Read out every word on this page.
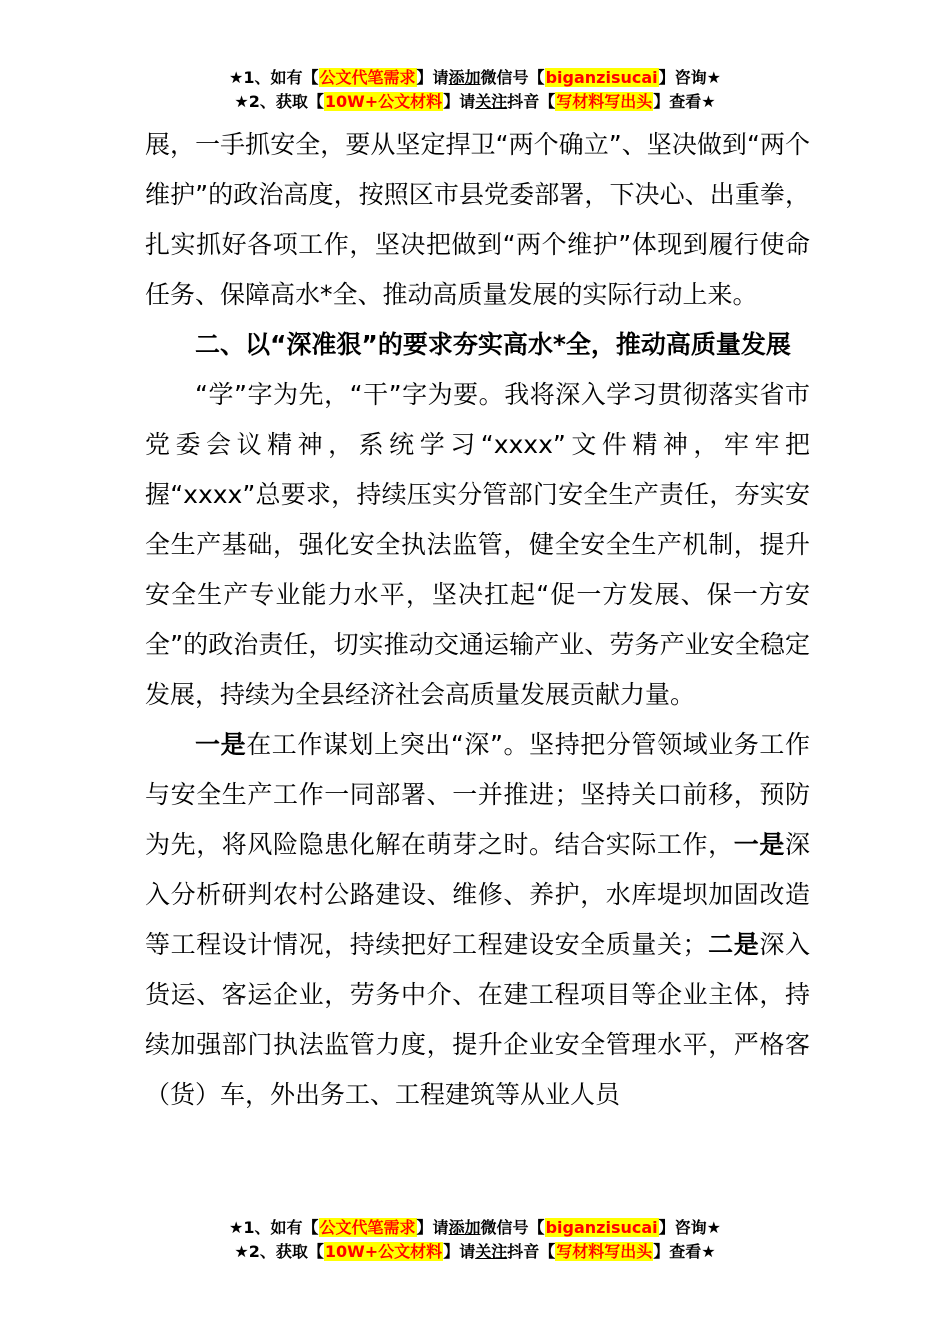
★1、如有【公文代笔需求】请添加微信号【biganzisucai】咨询★
★2、获取【10W+公文材料】请关注抖音【写材料写出头】查看★

展，一手抓安全，要从坚定捍卫“两个确立”、坚决做到“两个维护”的政治高度，按照区市县党委部署，下决心、出重拳，扎实抓好各项工作，坚决把做到“两个维护”体现到履行使命任务、保障高水*全、推动高质量发展的实际行动上来。

二、以“深准狠”的要求夯实高水*全，推动高质量发展

“学”字为先，“干”字为要。我将深入学习贯彻落实省市党委会议精神，系统学习“xxxx”文件精神，牢牢把握“xxxx”总要求，持续压实分管部门安全生产责任，夯实安全生产基础，强化安全执法监管，健全安全生产机制，提升安全生产专业能力水平，坚决扛起“促一方发展、保一方安全”的政治责任，切实推动交通运输产业、劳务产业安全稳定发展，持续为全县经济社会高质量发展贡献力量。

一是在工作谋划上突出“深”。坚持把分管领域业务工作与安全生产工作一同部署、一并推进；坚持关口前移，预防为先，将风险隐患化解在萌芽之时。结合实际工作，一是深入分析研判农村公路建设、维修、养护，水库堤坝加固改造等工程设计情况，持续把好工程建设安全质量关；二是深入货运、客运企业，劳务中介、在建工程项目等企业主体，持续加强部门执法监管力度，提升企业安全管理水平，严格客（货）车，外出务工、工程建筑等从业人员

★1、如有【公文代笔需求】请添加微信号【biganzisucai】咨询★
★2、获取【10W+公文材料】请关注抖音【写材料写出头】查看★
